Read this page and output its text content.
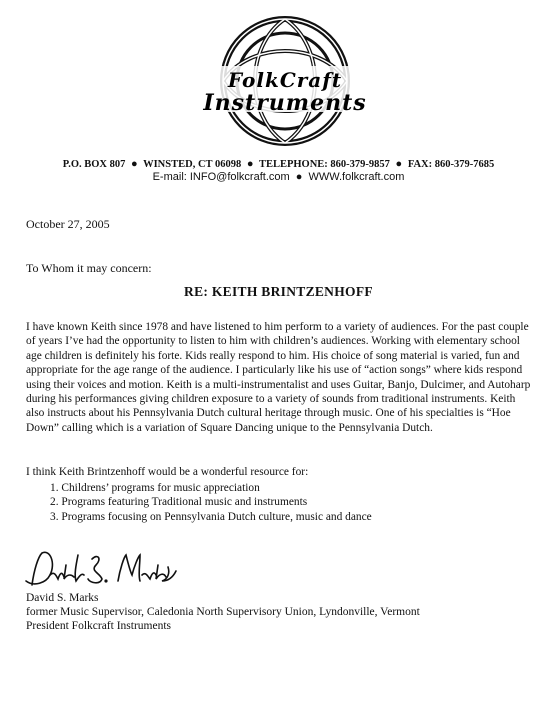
FolkCraft
Instruments
P.O. BOX 807 ● WINSTED, CT 06098 ● TELEPHONE: 860-379-9857 ● FAX: 860-379-7685
E-mail: INFO@folkcraft.com ● WWW.folkcraft.com
October 27, 2005
To Whom it may concern:
RE: KEITH BRINTZENHOFF
I have known Keith since 1978 and have listened to him perform to a variety of audiences. For the past couple of years I’ve had the opportunity to listen to him with children’s audiences. Working with elementary school age children is definitely his forte. Kids really respond to him. His choice of song material is varied, fun and appropriate for the age range of the audience. I particularly like his use of “action songs” where kids respond using their voices and motion. Keith is a multi-instrumentalist and uses Guitar, Banjo, Dulcimer, and Autoharp during his performances giving children exposure to a variety of sounds from traditional instruments. Keith also instructs about his Pennsylvania Dutch cultural heritage through music. One of his specialties is “Hoe Down” calling which is a variation of Square Dancing unique to the Pennsylvania Dutch.
I think Keith Brintzenhoff would be a wonderful resource for:
1. Childrens’ programs for music appreciation
2. Programs featuring Traditional music and instruments
3. Programs focusing on Pennsylvania Dutch culture, music and dance
David S. Marks
former Music Supervisor, Caledonia North Supervisory Union, Lyndonville, Vermont
President Folkcraft Instruments
